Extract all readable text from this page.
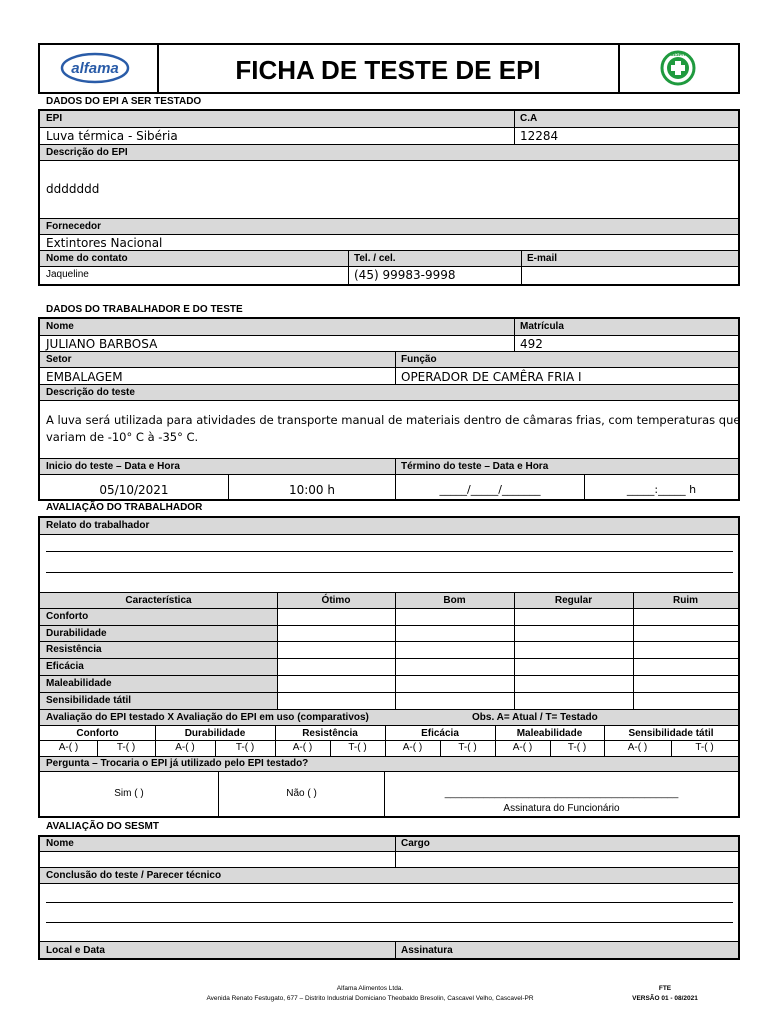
alfama	FICHA DE TESTE DE EPI
SESMT
DADOS DO EPI A SER TESTADO
EPI	C.A
Luva térmica - Sibéria	12284
Descrição do EPI
ddddddd
Fornecedor
Extintores Nacional
Nome do contato	Tel. / cel.	E-mail
Jaqueline	(45) 99983-9998
DADOS DO TRABALHADOR E DO TESTE
Nome	Matrícula
JULIANO BARBOSA	492
Setor	Função
EMBALAGEM	OPERADOR DE CAMÊRA FRIA I
Descrição do teste
A luva será utilizada para atividades de transporte manual de materiais dentro de câmaras frias, com temperaturas que
variam de -10° C à -35° C.
Inicio do teste – Data e Hora	Término do teste – Data e Hora
05/10/2021	10:00 h	_____/_____/_______	_____:_____ h
AVALIAÇÃO DO TRABALHADOR
Relato do trabalhador
Característica	Ótimo	Bom	Regular	Ruim
Conforto
Durabilidade
Resistência
Eficácia
Maleabilidade
Sensibilidade tátil
Avaliação do EPI testado X Avaliação do EPI em uso (comparativos)	Obs. A= Atual / T= Testado
Conforto	Durabilidade	Resistência	Eficácia	Maleabilidade	Sensibilidade tátil
A-( )	T-( )	A-( )	T-( )	A-( )	T-( )	A-( )	T-( )	A-( )	T-( )	A-( )	T-( )
Pergunta – Trocaria o EPI já utilizado pelo EPI testado?
Sim ( )	Não ( )	__________________________________________
Assinatura do Funcionário
AVALIAÇÃO DO SESMT
Nome	Cargo
Conclusão do teste / Parecer técnico
Local e Data	Assinatura
Alfama Alimentos Ltda.
Avenida Renato Festugato, 677 – Distrito Industrial Domiciano Theobaldo Bresolin, Cascavel Velho, Cascavel-PR
FTE
VERSÃO 01 - 08/2021
